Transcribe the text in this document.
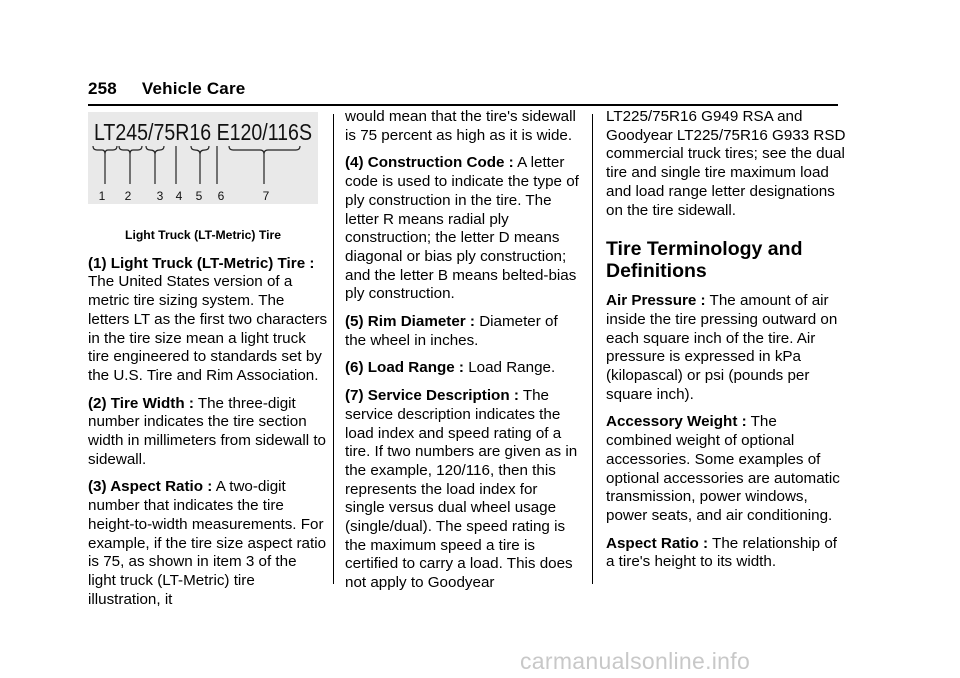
258 Vehicle Care
LT245/75R16 E120/116S
1 2 3 4 5 6	7
Light Truck (LT-Metric) Tire

(1) Light Truck (LT-Metric) Tire : The United States version of a metric tire sizing system. The letters LT as the first two characters in the tire size mean a light truck tire engineered to standards set by the U.S. Tire and Rim Association.

(2) Tire Width : The three-digit number indicates the tire section width in millimeters from sidewall to sidewall.

(3) Aspect Ratio : A two-digit number that indicates the tire height-to-width measurements. For example, if the tire size aspect ratio is 75, as shown in item 3 of the light truck (LT-Metric) tire illustration, it

would mean that the tire's sidewall is 75 percent as high as it is wide.

(4) Construction Code : A letter code is used to indicate the type of ply construction in the tire. The letter R means radial ply construction; the letter D means diagonal or bias ply construction; and the letter B means belted-bias ply construction.

(5) Rim Diameter : Diameter of the wheel in inches.

(6) Load Range : Load Range.

(7) Service Description : The service description indicates the load index and speed rating of a tire. If two numbers are given as in the example, 120/116, then this represents the load index for single versus dual wheel usage (single/dual). The speed rating is the maximum speed a tire is certified to carry a load. This does not apply to Goodyear

LT225/75R16 G949 RSA and Goodyear LT225/75R16 G933 RSD commercial truck tires; see the dual tire and single tire maximum load and load range letter designations on the tire sidewall.

Tire Terminology and Definitions

Air Pressure : The amount of air inside the tire pressing outward on each square inch of the tire. Air pressure is expressed in kPa (kilopascal) or psi (pounds per square inch).

Accessory Weight : The combined weight of optional accessories. Some examples of optional accessories are automatic transmission, power windows, power seats, and air conditioning.

Aspect Ratio : The relationship of a tire's height to its width.

carmanualsonline.info
